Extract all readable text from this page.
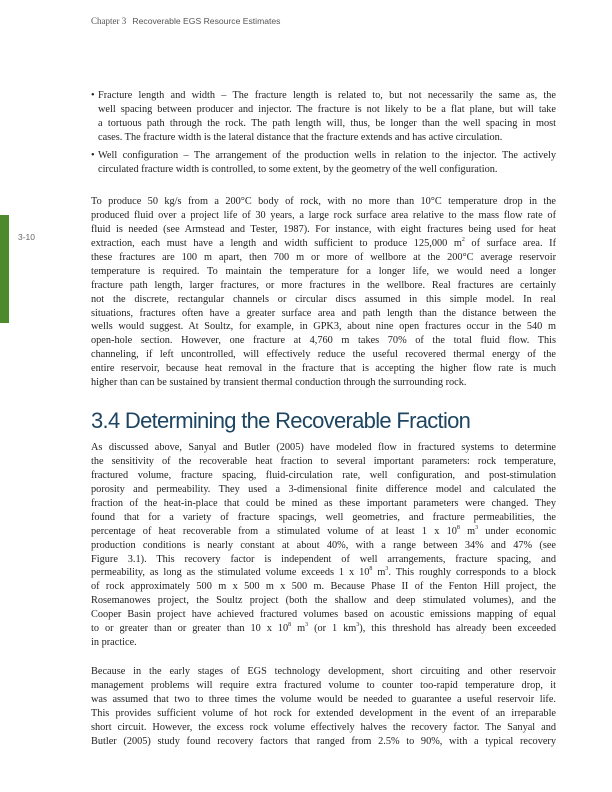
Chapter 3 Recoverable EGS Resource Estimates
3-10
• Fracture length and width – The fracture length is related to, but not necessarily the same as, the
well spacing between producer and injector. The fracture is not likely to be a flat plane, but will take
a tortuous path through the rock. The path length will, thus, be longer than the well spacing in most
cases. The fracture width is the lateral distance that the fracture extends and has active circulation.
• Well configuration – The arrangement of the production wells in relation to the injector. The actively
circulated fracture width is controlled, to some extent, by the geometry of the well configuration.
To produce 50 kg/s from a 200°C body of rock, with no more than 10°C temperature drop in the
produced fluid over a project life of 30 years, a large rock surface area relative to the mass flow rate of
fluid is needed (see Armstead and Tester, 1987). For instance, with eight fractures being used for heat
extraction, each must have a length and width sufficient to produce 125,000 $m^2$ of surface area. If
these fractures are 100 m apart, then 700 m or more of wellbore at the 200°C average reservoir
temperature is required. To maintain the temperature for a longer life, we would need a longer
fracture path length, larger fractures, or more fractures in the wellbore. Real fractures are certainly
not the discrete, rectangular channels or circular discs assumed in this simple model. In real
situations, fractures often have a greater surface area and path length than the distance between the
wells would suggest. At Soultz, for example, in GPK3, about nine open fractures occur in the 540 m
open-hole section. However, one fracture at 4,760 m takes 70% of the total fluid flow. This
channeling, if left uncontrolled, will effectively reduce the useful recovered thermal energy of the
entire reservoir, because heat removal in the fracture that is accepting the higher flow rate is much
higher than can be sustained by transient thermal conduction through the surrounding rock.
3.4 Determining the Recoverable Fraction
As discussed above, Sanyal and Butler (2005) have modeled flow in fractured systems to determine
the sensitivity of the recoverable heat fraction to several important parameters: rock temperature,
fractured volume, fracture spacing, fluid-circulation rate, well configuration, and post-stimulation
porosity and permeability. They used a 3-dimensional finite difference model and calculated the
fraction of the heat-in-place that could be mined as these important parameters were changed. They
found that for a variety of fracture spacings, well geometries, and fracture permeabilities, the
percentage of heat recoverable from a stimulated volume of at least 1 x $10^8$ $m^3$ under economic
production conditions is nearly constant at about 40%, with a range between 34% and 47% (see
Figure 3.1). This recovery factor is independent of well arrangements, fracture spacing, and
permeability, as long as the stimulated volume exceeds 1 x $10^8$ $m^3$. This roughly corresponds to a block
of rock approximately 500 m x 500 m x 500 m. Because Phase II of the Fenton Hill project, the
Rosemanowes project, the Soultz project (both the shallow and deep stimulated volumes), and the
Cooper Basin project have achieved fractured volumes based on acoustic emissions mapping of equal
to or greater than or greater than 10 x $10^8$ $m^3$ (or 1 $km^3$), this threshold has already been exceeded
in practice.
Because in the early stages of EGS technology development, short circuiting and other reservoir
management problems will require extra fractured volume to counter too-rapid temperature drop, it
was assumed that two to three times the volume would be needed to guarantee a useful reservoir life.
This provides sufficient volume of hot rock for extended development in the event of an irreparable
short circuit. However, the excess rock volume effectively halves the recovery factor. The Sanyal and
Butler (2005) study found recovery factors that ranged from 2.5% to 90%, with a typical recovery
